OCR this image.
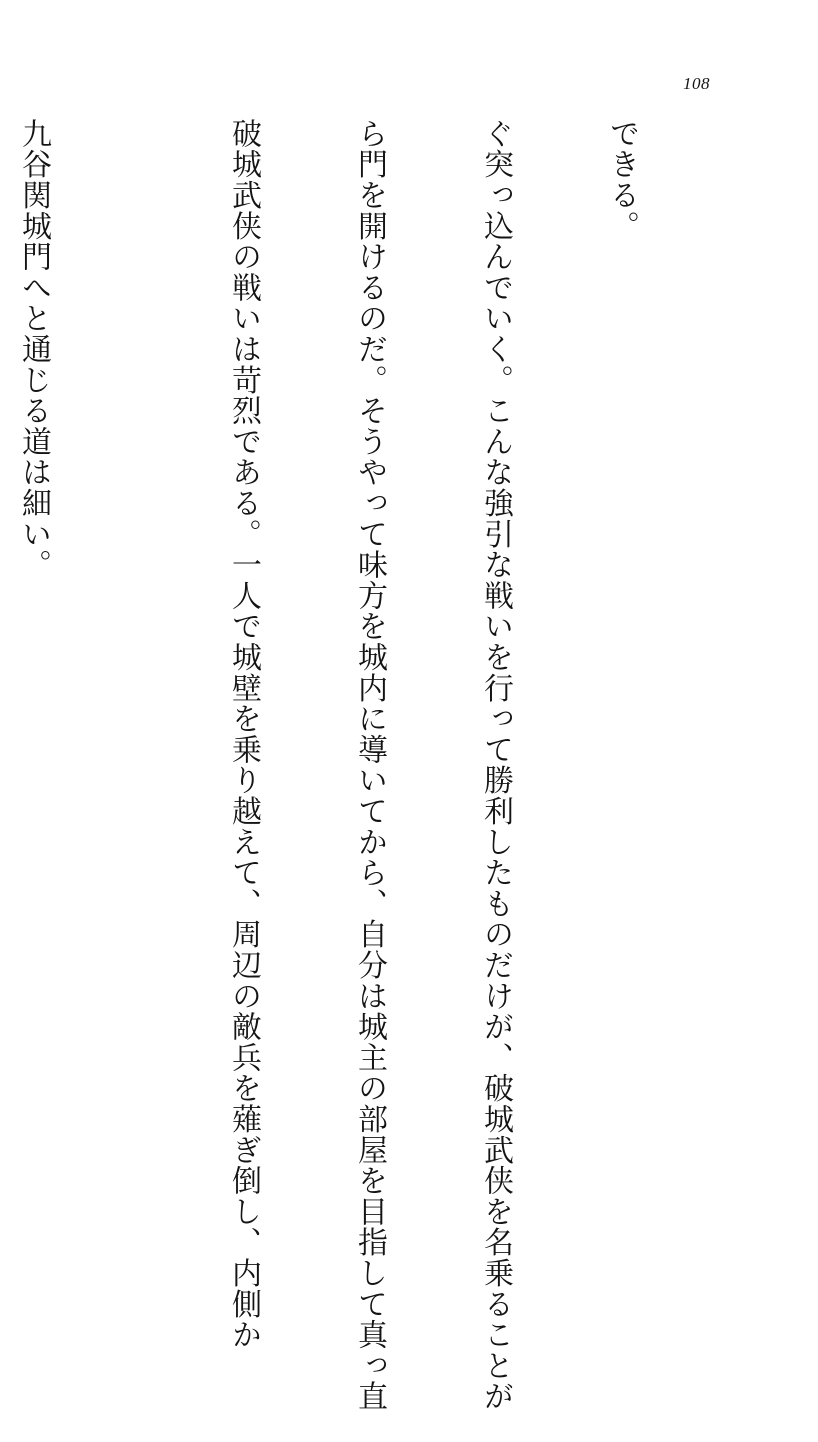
108

できる。

ぐ突っ込んでいく。こんな強引な戦いを行って勝利したものだけが、破城武侠を名乗ることが

ら門を開けるのだ。そうやって味方を城内に導いてから、自分は城主の部屋を目指して真っ直

破城武侠の戦いは苛烈である。一人で城壁を乗り越えて、周辺の敵兵を薙ぎ倒し、内側か

九谷関城門へと通じる道は細い。
